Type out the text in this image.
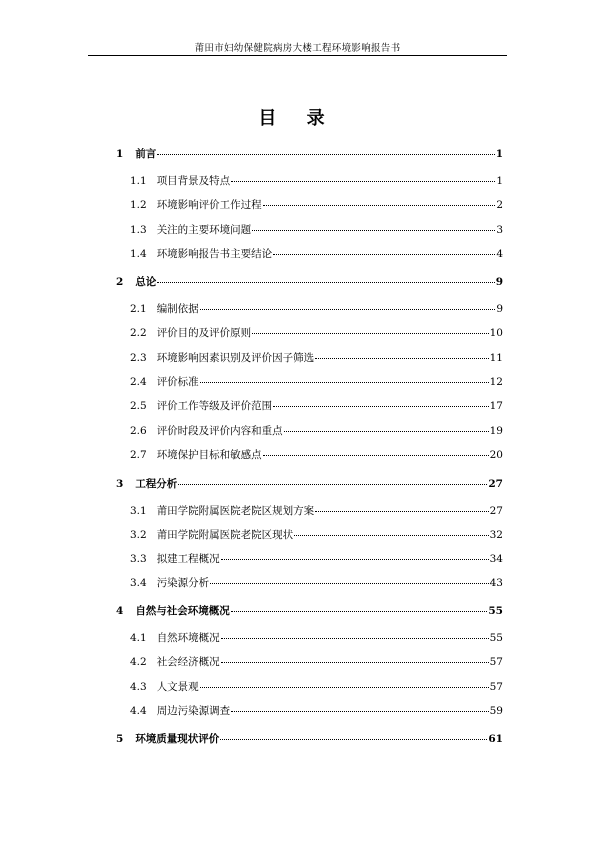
莆田市妇幼保健院病房大楼工程环境影响报告书
目 录
1 前言	1
1.1 项目背景及特点	1
1.2 环境影响评价工作过程	2
1.3 关注的主要环境问题	3
1.4 环境影响报告书主要结论	4
2 总论	9
2.1 编制依据	9
2.2 评价目的及评价原则	10
2.3 环境影响因素识别及评价因子筛选	11
2.4 评价标准	12
2.5 评价工作等级及评价范围	17
2.6 评价时段及评价内容和重点	19
2.7 环境保护目标和敏感点	20
3 工程分析	27
3.1 莆田学院附属医院老院区规划方案	27
3.2 莆田学院附属医院老院区现状	32
3.3 拟建工程概况	34
3.4 污染源分析	43
4 自然与社会环境概况	55
4.1 自然环境概况	55
4.2 社会经济概况	57
4.3 人文景观	57
4.4 周边污染源调查	59
5 环境质量现状评价	61
